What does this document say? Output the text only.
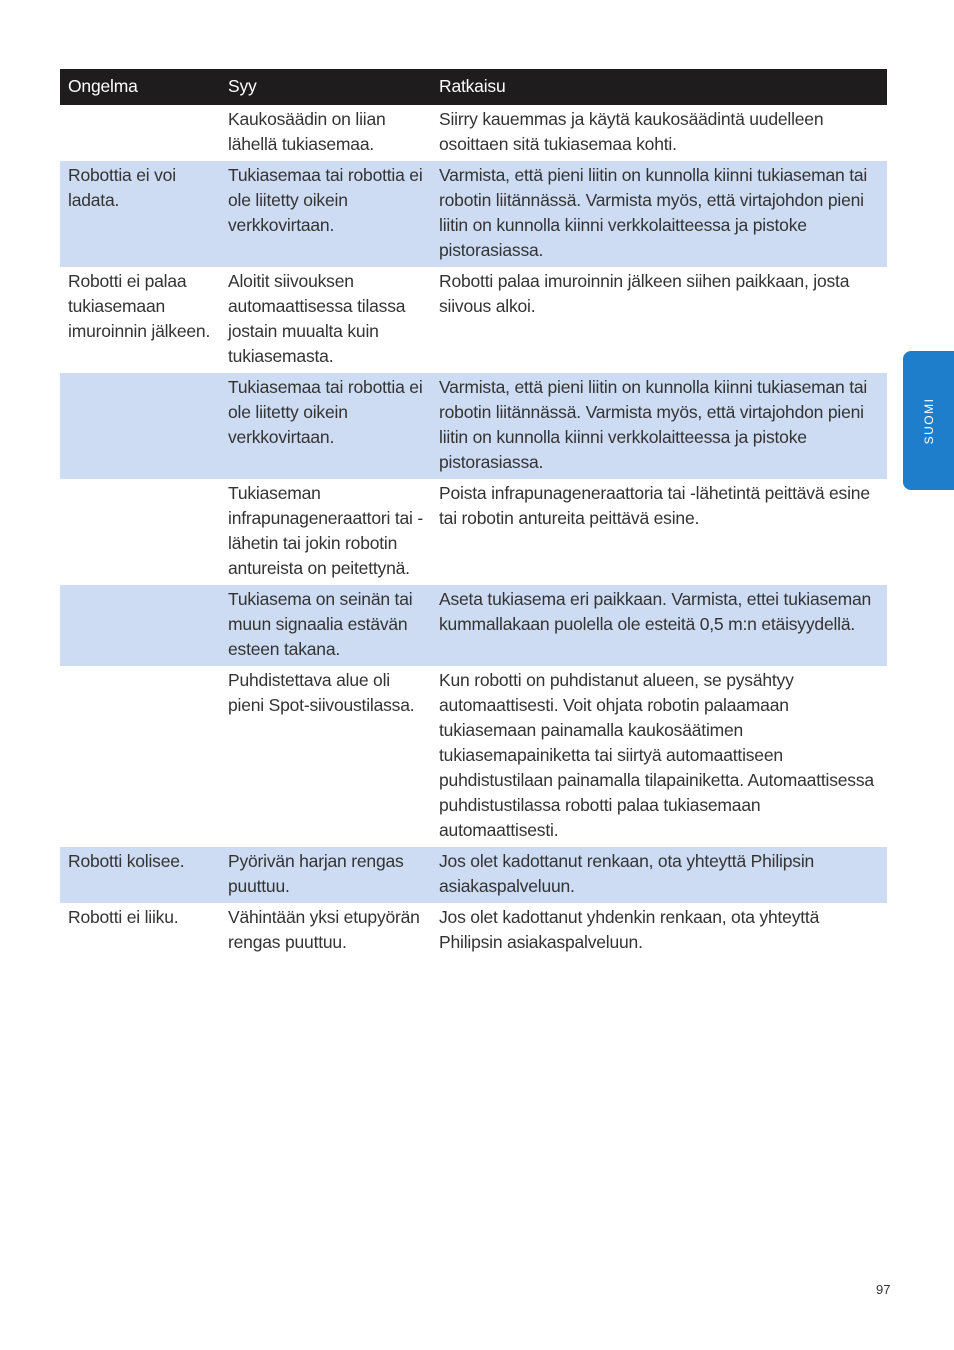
Ongelma	Syy	Ratkaisu
	Kaukosäädin on liian lähellä tukiasemaa.	Siirry kauemmas ja käytä kaukosäädintä uudelleen osoittaen sitä tukiasemaa kohti.
Robottia ei voi ladata.	Tukiasemaa tai robottia ei ole liitetty oikein verkkovirtaan.	Varmista, että pieni liitin on kunnolla kiinni tukiaseman tai robotin liitännässä. Varmista myös, että virtajohdon pieni liitin on kunnolla kiinni verkkolaitteessa ja pistoke pistorasiassa.
Robotti ei palaa tukiasemaan imuroinnin jälkeen.	Aloitit siivouksen automaattisessa tilassa jostain muualta kuin tukiasemasta.	Robotti palaa imuroinnin jälkeen siihen paikkaan, josta siivous alkoi.
	Tukiasemaa tai robottia ei ole liitetty oikein verkkovirtaan.	Varmista, että pieni liitin on kunnolla kiinni tukiaseman tai robotin liitännässä. Varmista myös, että virtajohdon pieni liitin on kunnolla kiinni verkkolaitteessa ja pistoke pistorasiassa.
	Tukiaseman infrapunageneraattori tai -lähetin tai jokin robotin antureista on peitettynä.	Poista infrapunageneraattoria tai -lähetintä peittävä esine tai robotin antureita peittävä esine.
	Tukiasema on seinän tai muun signaalia estävän esteen takana.	Aseta tukiasema eri paikkaan. Varmista, ettei tukiaseman kummallakaan puolella ole esteitä 0,5 m:n etäisyydellä.
	Puhdistettava alue oli pieni Spot-siivoustilassa.	Kun robotti on puhdistanut alueen, se pysähtyy automaattisesti. Voit ohjata robotin palaamaan tukiasemaan painamalla kaukosäätimen tukiasemapainiketta tai siirtyä automaattiseen puhdistustilaan painamalla tilapainiketta. Automaattisessa puhdistustilassa robotti palaa tukiasemaan automaattisesti.
Robotti kolisee.	Pyörivän harjan rengas puuttuu.	Jos olet kadottanut renkaan, ota yhteyttä Philipsin asiakaspalveluun.
Robotti ei liiku.	Vähintään yksi etupyörän rengas puuttuu.	Jos olet kadottanut yhdenkin renkaan, ota yhteyttä Philipsin asiakaspalveluun.
SUOMI
97
